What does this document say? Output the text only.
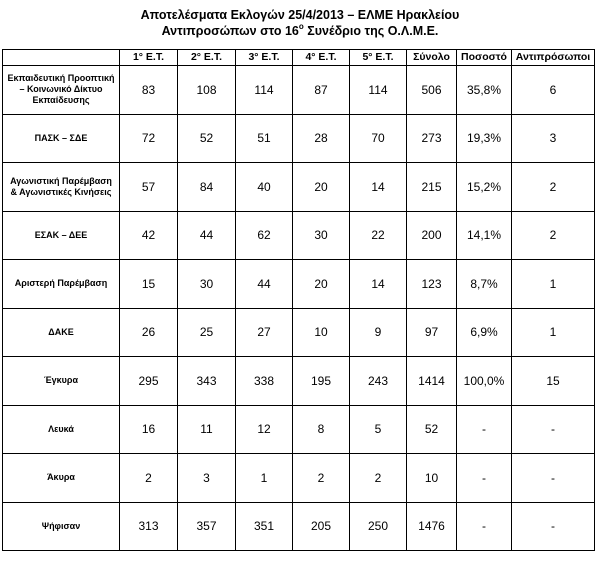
Αποτελέσματα Εκλογών 25/4/2013 – ΕΛΜΕ Ηρακλείου
Αντιπροσώπων στο $16^o$ Συνέδριο της Ο.Λ.Μ.Ε.
	1° Ε.Τ.	2° Ε.Τ.	3° Ε.Τ.	4° Ε.Τ.	5° Ε.Τ.	Σύνολο	Ποσοστό	Αντιπρόσωποι
Εκπαιδευτική Προοπτική – Κοινωνικό Δίκτυο Εκπαίδευσης	83	108	114	87	114	506	35,8%	6
ΠΑΣΚ – ΣΔΕ	72	52	51	28	70	273	19,3%	3
Αγωνιστική Παρέμβαση & Αγωνιστικές Κινήσεις	57	84	40	20	14	215	15,2%	2
ΕΣΑΚ – ΔΕΕ	42	44	62	30	22	200	14,1%	2
Αριστερή Παρέμβαση	15	30	44	20	14	123	8,7%	1
ΔΑΚΕ	26	25	27	10	9	97	6,9%	1
Έγκυρα	295	343	338	195	243	1414	100,0%	15
Λευκά	16	11	12	8	5	52	-	-
Άκυρα	2	3	1	2	2	10	-	-
Ψήφισαν	313	357	351	205	250	1476	-	-
